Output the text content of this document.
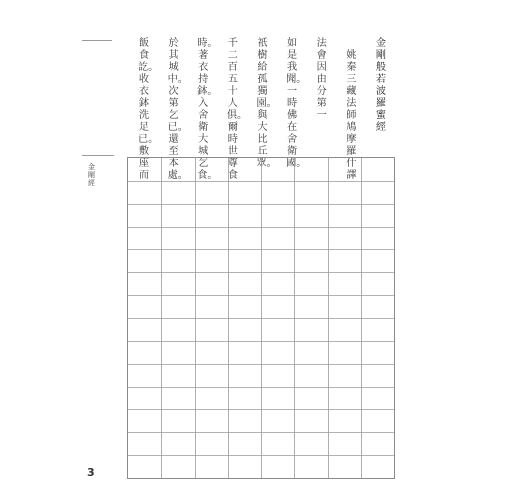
金剛經
3
金剛般若波羅蜜經
姚秦三藏法師鳩摩羅什譯
法會因由分第一
如是我聞。一時佛在舍衛國。
祇樹給孤獨園。與大比丘眾。
千二百五十人俱。爾時世尊食
時。著衣持鉢。入舍衛大城乞食。
於其城中。次第乞已。還至本處。
飯食訖。收衣鉢洗足已。敷座而
